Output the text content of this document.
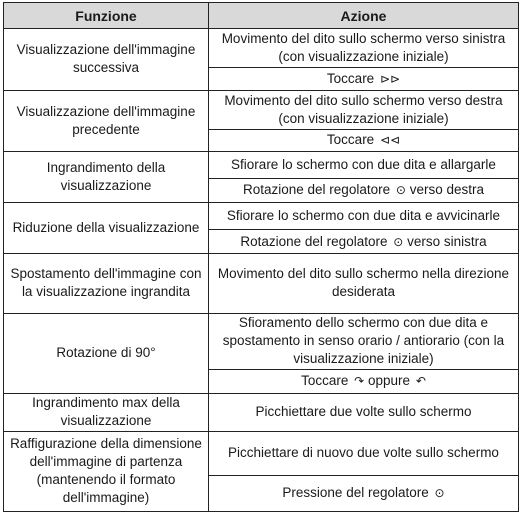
Funzione	Azione
Visualizzazione dell'immagine successiva	Movimento del dito sullo schermo verso sinistra (con visualizzazione iniziale)
	Toccare ⊳⊳
Visualizzazione dell'immagine precedente	Movimento del dito sullo schermo verso destra (con visualizzazione iniziale)
	Toccare ⊲⊲
Ingrandimento della visualizzazione	Sfiorare lo schermo con due dita e allargarle
	Rotazione del regolatore ⊙ verso destra
Riduzione della visualizzazione	Sfiorare lo schermo con due dita e avvicinarle
	Rotazione del regolatore ⊙ verso sinistra
Spostamento dell'immagine con la visualizzazione ingrandita	Movimento del dito sullo schermo nella direzione desiderata
Rotazione di 90°	Sfioramento dello schermo con due dita e spostamento in senso orario / antiorario (con la visualizzazione iniziale)
	Toccare ↷ oppure ↶
Ingrandimento max della visualizzazione	Picchiettare due volte sullo schermo
Raffigurazione della dimensione dell'immagine di partenza (mantenendo il formato dell'immagine)	Picchiettare di nuovo due volte sullo schermo
	Pressione del regolatore ⊙
